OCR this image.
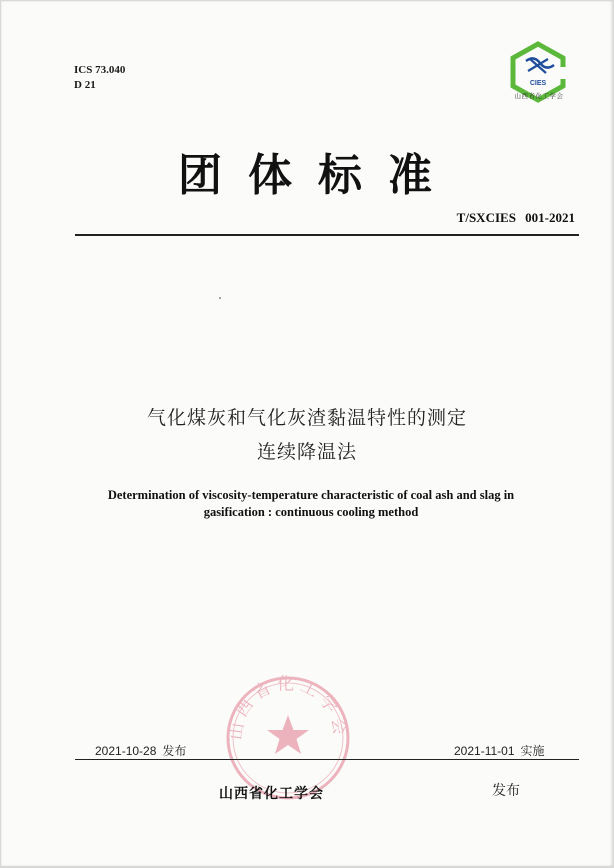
ICS 73.040
D 21	CIES
山西省化工学会
团体标准
T/SXCIES 001-2021
气化煤灰和气化灰渣黏温特性的测定
连续降温法
Determination of viscosity-temperature characteristic of coal ash and slag in
gasification : continuous cooling method
山西省化工学会
2021-10-28 发布	2021-11-01 实施
山西省化工学会	发布
